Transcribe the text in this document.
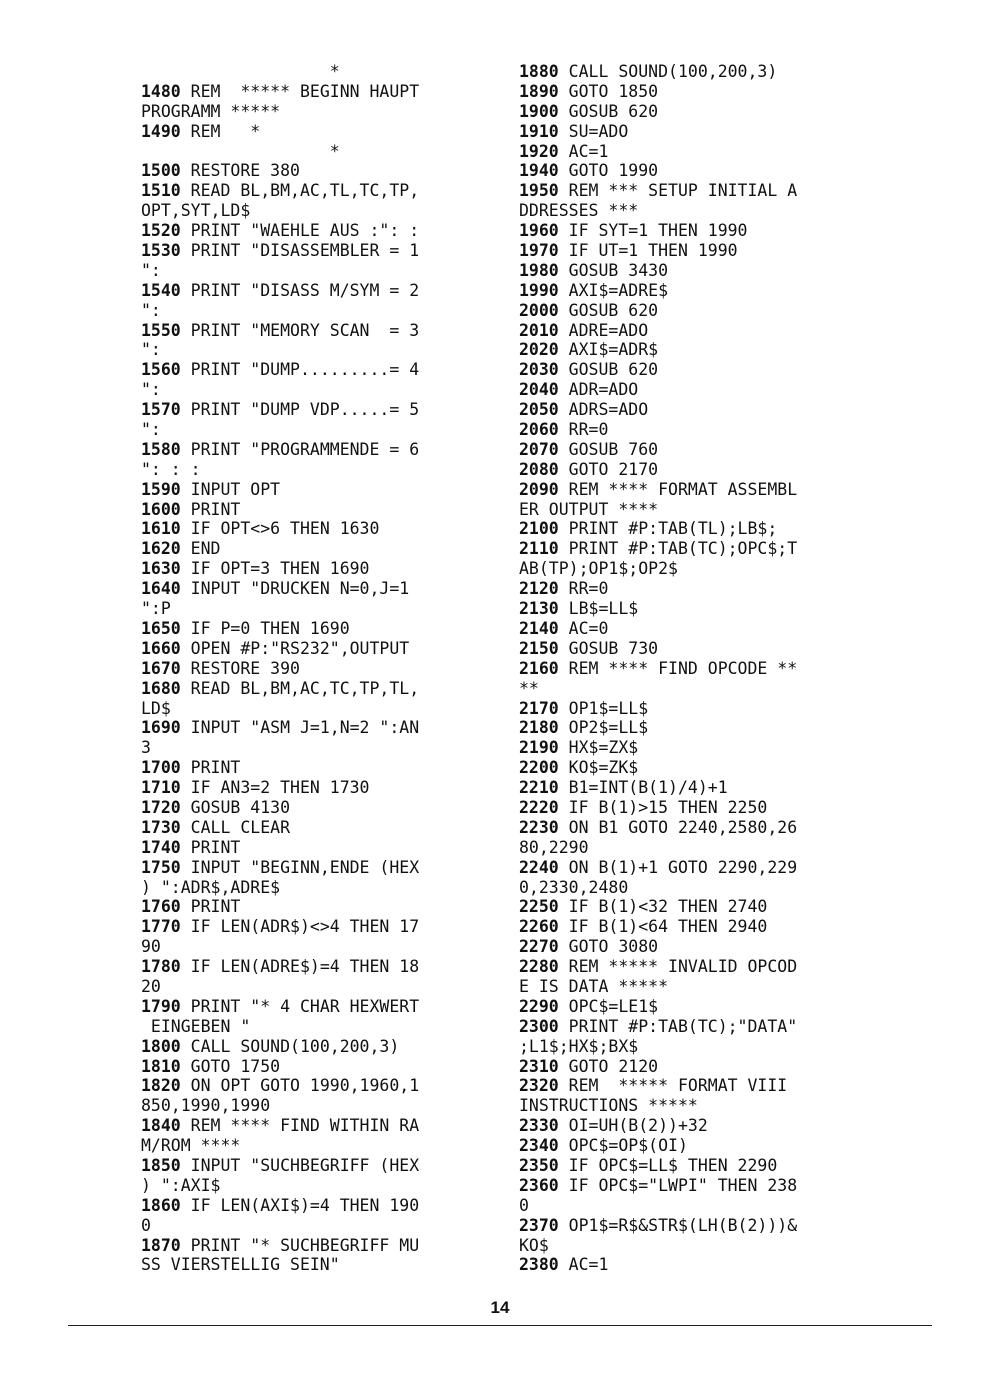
*
1480 REM  ***** BEGINN HAUPT
PROGRAMM *****
1490 REM   *
*
1500 RESTORE 380
1510 READ BL,BM,AC,TL,TC,TP,
OPT,SYT,LD$
1520 PRINT "WAEHLE AUS :": :
1530 PRINT "DISASSEMBLER = 1
":
1540 PRINT "DISASS M/SYM = 2
":
1550 PRINT "MEMORY SCAN  = 3
":
1560 PRINT "DUMP.........= 4
":
1570 PRINT "DUMP VDP.....= 5
":
1580 PRINT "PROGRAMMENDE = 6
": : :
1590 INPUT OPT
1600 PRINT
1610 IF OPT<>6 THEN 1630
1620 END
1630 IF OPT=3 THEN 1690
1640 INPUT "DRUCKEN N=0,J=1
":P
1650 IF P=0 THEN 1690
1660 OPEN #P:"RS232",OUTPUT
1670 RESTORE 390
1680 READ BL,BM,AC,TC,TP,TL,
LD$
1690 INPUT "ASM J=1,N=2 ":AN
3
1700 PRINT
1710 IF AN3=2 THEN 1730
1720 GOSUB 4130
1730 CALL CLEAR
1740 PRINT
1750 INPUT "BEGINN,ENDE (HEX
) ":ADR$,ADRE$
1760 PRINT
1770 IF LEN(ADR$)<>4 THEN 17
90
1780 IF LEN(ADRE$)=4 THEN 18
20
1790 PRINT "* 4 CHAR HEXWERT
EINGEBEN "
1800 CALL SOUND(100,200,3)
1810 GOTO 1750
1820 ON OPT GOTO 1990,1960,1
850,1990,1990
1840 REM **** FIND WITHIN RA
M/ROM ****
1850 INPUT "SUCHBEGRIFF (HEX
) ":AXI$
1860 IF LEN(AXI$)=4 THEN 190
0
1870 PRINT "* SUCHBEGRIFF MU
SS VIERSTELLIG SEIN"
1880 CALL SOUND(100,200,3)
1890 GOTO 1850
1900 GOSUB 620
1910 SU=ADO
1920 AC=1
1940 GOTO 1990
1950 REM *** SETUP INITIAL A
DDRESSES ***
1960 IF SYT=1 THEN 1990
1970 IF UT=1 THEN 1990
1980 GOSUB 3430
1990 AXI$=ADRE$
2000 GOSUB 620
2010 ADRE=ADO
2020 AXI$=ADR$
2030 GOSUB 620
2040 ADR=ADO
2050 ADRS=ADO
2060 RR=0
2070 GOSUB 760
2080 GOTO 2170
2090 REM **** FORMAT ASSEMBL
ER OUTPUT ****
2100 PRINT #P:TAB(TL);LB$;
2110 PRINT #P:TAB(TC);OPC$;T
AB(TP);OP1$;OP2$
2120 RR=0
2130 LB$=LL$
2140 AC=0
2150 GOSUB 730
2160 REM **** FIND OPCODE **
**
2170 OP1$=LL$
2180 OP2$=LL$
2190 HX$=ZX$
2200 KO$=ZK$
2210 B1=INT(B(1)/4)+1
2220 IF B(1)>15 THEN 2250
2230 ON B1 GOTO 2240,2580,26
80,2290
2240 ON B(1)+1 GOTO 2290,229
0,2330,2480
2250 IF B(1)<32 THEN 2740
2260 IF B(1)<64 THEN 2940
2270 GOTO 3080
2280 REM ***** INVALID OPCOD
E IS DATA *****
2290 OPC$=LE1$
2300 PRINT #P:TAB(TC);"DATA"
;L1$;HX$;BX$
2310 GOTO 2120
2320 REM  ***** FORMAT VIII
INSTRUCTIONS *****
2330 OI=UH(B(2))+32
2340 OPC$=OP$(OI)
2350 IF OPC$=LL$ THEN 2290
2360 IF OPC$="LWPI" THEN 238
0
2370 OP1$=R$&STR$(LH(B(2)))&
KO$
2380 AC=1
14
